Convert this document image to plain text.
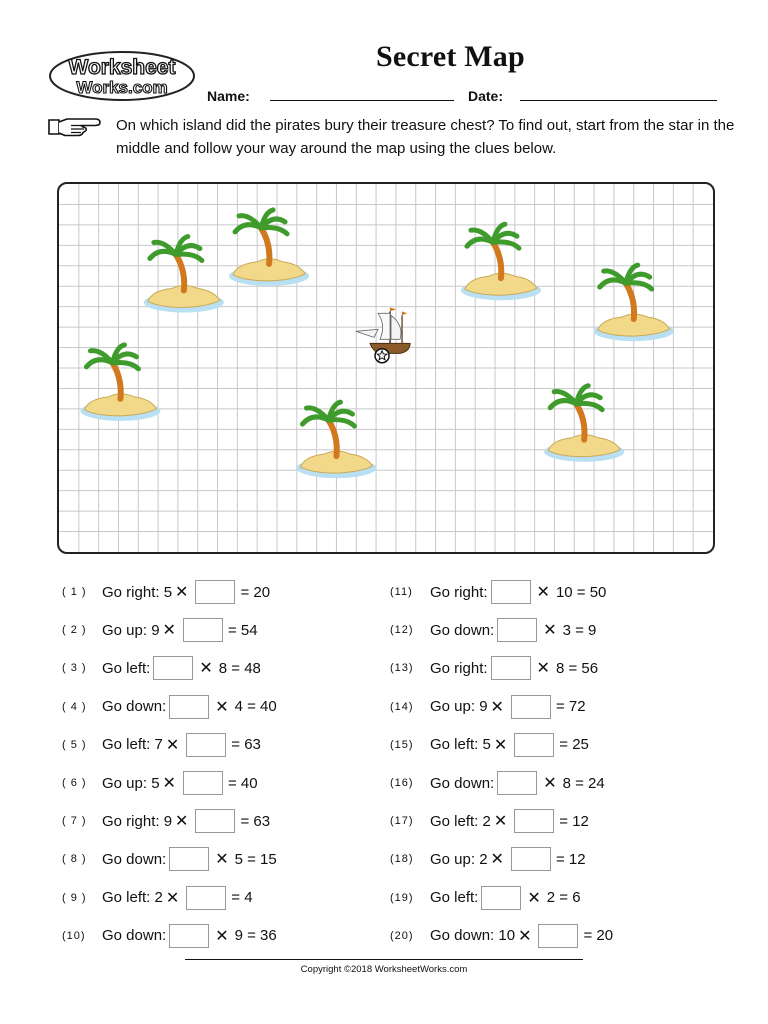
Worksheet
Works.com
Secret Map
Name:	Date:
On which island did the pirates bury their treasure chest? To find out, start from the star in the middle and follow your way around the map using the clues below.
( 1 )	Go right: 5 ✕	= 20
( 2 )	Go up: 9 ✕	= 54
( 3 )	Go left:	✕ 8 = 48
( 4 )	Go down:	✕ 4 = 40
( 5 )	Go left: 7 ✕	= 63
( 6 )	Go up: 5 ✕	= 40
( 7 )	Go right: 9 ✕	= 63
( 8 )	Go down:	✕ 5 = 15
( 9 )	Go left: 2 ✕	= 4
(10)	Go down:	✕ 9 = 36
(11)	Go right:	✕ 10 = 50
(12)	Go down:	✕ 3 = 9
(13)	Go right:	✕ 8 = 56
(14)	Go up: 9 ✕	= 72
(15)	Go left: 5 ✕	= 25
(16)	Go down:	✕ 8 = 24
(17)	Go left: 2 ✕	= 12
(18)	Go up: 2 ✕	= 12
(19)	Go left:	✕ 2 = 6
(20)	Go down: 10 ✕	= 20
Copyright ©2018 WorksheetWorks.com
